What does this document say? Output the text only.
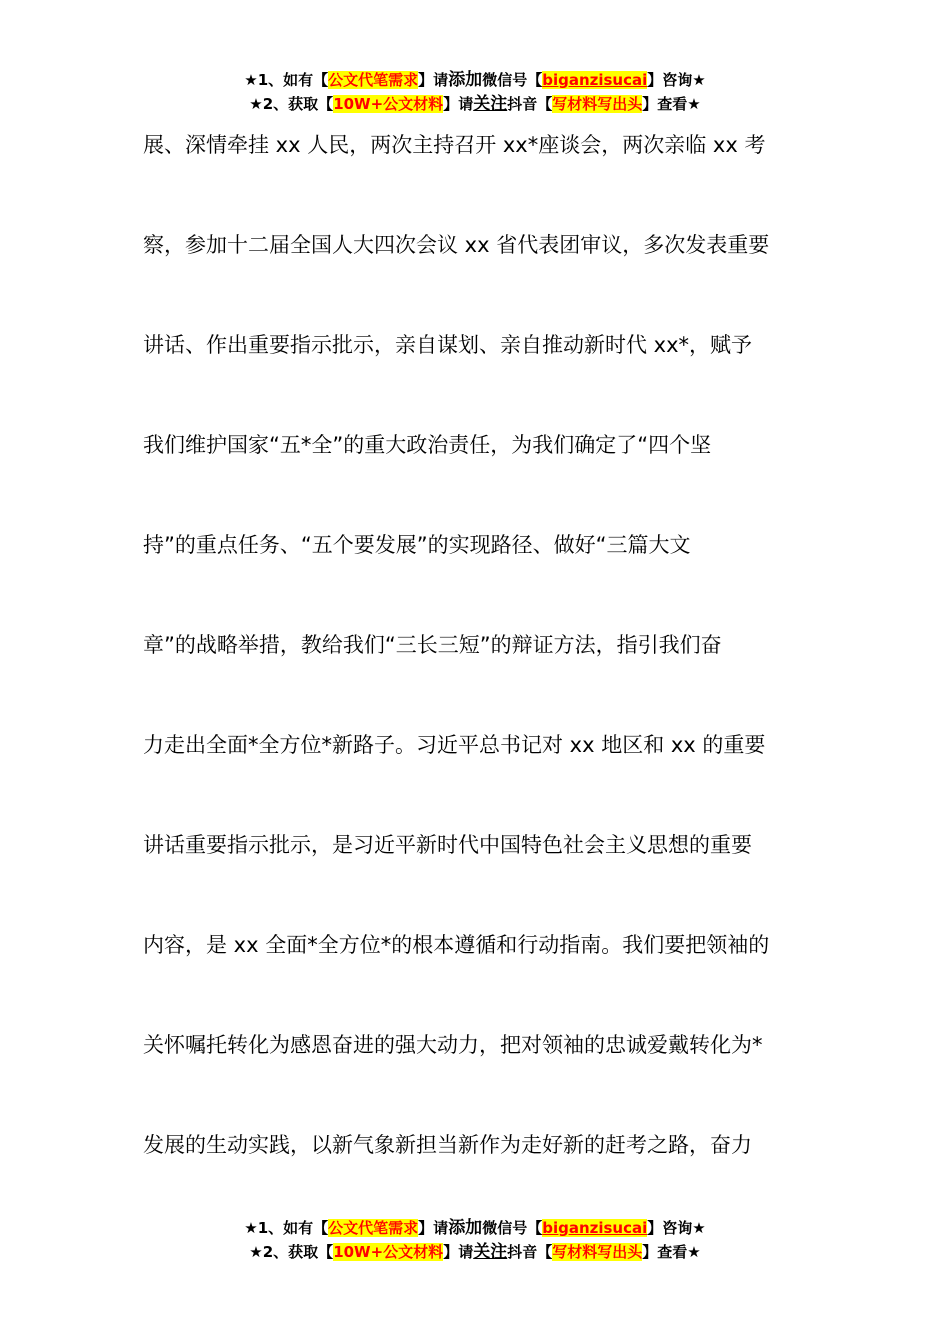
★1、如有【公文代笔需求】请添加微信号【biganzisucai】咨询★
★2、获取【10W+公文材料】请关注抖音【写材料写出头】查看★
展、深情牵挂 xx 人民，两次主持召开 xx*座谈会，两次亲临 xx 考
察，参加十二届全国人大四次会议 xx 省代表团审议，多次发表重要
讲话、作出重要指示批示，亲自谋划、亲自推动新时代 xx*，赋予
我们维护国家“五*全”的重大政治责任，为我们确定了“四个坚
持”的重点任务、“五个要发展”的实现路径、做好“三篇大文
章”的战略举措，教给我们“三长三短”的辩证方法，指引我们奋
力走出全面*全方位*新路子。习近平总书记对 xx 地区和 xx 的重要
讲话重要指示批示，是习近平新时代中国特色社会主义思想的重要
内容，是 xx 全面*全方位*的根本遵循和行动指南。我们要把领袖的
关怀嘱托转化为感恩奋进的强大动力，把对领袖的忠诚爱戴转化为*
发展的生动实践，以新气象新担当新作为走好新的赶考之路，奋力
★1、如有【公文代笔需求】请添加微信号【biganzisucai】咨询★
★2、获取【10W+公文材料】请关注抖音【写材料写出头】查看★
